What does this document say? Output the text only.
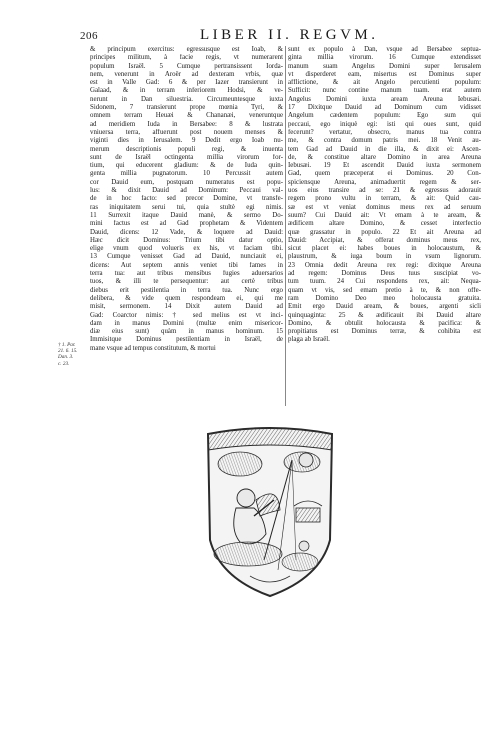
206	LIBER II. REGVM.
† 1. Par.
21. 6. 15.
Dan. 3.
c. 23.
& principum exercitus: egressusque est Ioab, &
principes militum, à facie regis, vt numerarent
populum Israël. 5 Cumque pertransissent Iorda-
nem, venerunt in Aroër ad dexteram vrbis, quæ
est in Valle Gad: 6 & per Iazer transierunt in
Galaad, & in terram inferiorem Hodsi, & ve-
nerunt in Dan siluestria. Circumeuntesque iuxta
Sidonem, 7 transierunt prope mœnia Tyri, &
omnem terram Heuæi & Chananæi, veneruntque
ad meridiem Iuda in Bersabee: 8 & lustrata
vniuersa terra, affuerunt post nouem menses &
viginti dies in Ierusalem. 9 Dedit ergo Ioab nu-
merum descriptionis populi regi, & inuenta
sunt de Israël octingenta millia virorum for-
tium, qui educerent gladium: & de Iuda quin-
genta millia pugnatorum. 10 Percussit autem
cor Dauid eum, postquam numeratus est popu-
lus: & dixit Dauid ad Dominum: Peccaui val-
de in hoc facto: sed precor Domine, vt transfe-
ras iniquitatem serui tui, quia stultè egi nimis.
11 Surrexit itaque Dauid manè, & sermo Do-
mini factus est ad Gad prophetam & Videntem
Dauid, dicens: 12 Vade, & loquere ad Dauid:
Hæc dicit Dominus: Trium tibi datur optio,
elige vnum quod volueris ex his, vt faciam tibi.
13 Cumque venisset Gad ad Dauid, nunciauit ei,
dicens: Aut septem annis veniet tibi fames in
terra tua: aut tribus mensibus fugies aduersarios
tuos, & illi te persequentur: aut certè tribus
diebus erit pestilentia in terra tua. Nunc ergo
delibera, & vide quem respondeam ei, qui me
misit, sermonem. 14 Dixit autem Dauid ad
Gad: Coarctor nimis: † sed melius est vt inci-
dam in manus Domini (multæ enim misericor-
diæ eius sunt) quàm in manus hominum. 15
Immisitque Dominus pestilentiam in Israël, de
mane vsque ad tempus constitutum, & mortui
sunt ex populo à Dan, vsque ad Bersabee septua-
ginta millia virorum. 16 Cumque extendisset
manum suam Angelus Domini super Ierusalem
vt disperderet eam, misertus est Dominus super
afflictione, & ait Angelo percutienti populum:
Sufficit: nunc contine manum tuam. erat autem
Angelus Domini iuxta aream Areuna Iebusæi.
17 Dixitque Dauid ad Dominum cum vidisset
Angelum cædentem populum: Ego sum qui
peccaui, ego iniquè egi: isti qui oues sunt, quid
fecerunt? vertatur, obsecro, manus tua contra
me, & contra domum patris mei. 18 Venit au-
tem Gad ad Dauid in die illa, & dixit ei: Ascen-
de, & constitue altare Domino in area Areuna
Iebusæi. 19 Et ascendit Dauid iuxta sermonem
Gad, quem præceperat ei Dominus. 20 Con-
spiciensque Areuna, animaduertit regem & ser-
uos eius transire ad se: 21 & egressus adorauit
regem prono vultu in terram, & ait: Quid cau-
sæ est vt veniat dominus meus rex ad seruum
suum? Cui Dauid ait: Vt emam à te aream, &
ædificem altare Domino, & cesset interfectio
quæ grassatur in populo. 22 Et ait Areuna ad
Dauid: Accipiat, & offerat dominus meus rex,
sicut placet ei: habes boues in holocaustum, &
plaustrum, & iuga boum in vsum lignorum.
23 Omnia dedit Areuna rex regi: dixitque Areuna
ad regem: Dominus Deus tuus suscipiat vo-
tum tuum. 24 Cui respondens rex, ait: Nequa-
quam vt vis, sed emam pretio à te, & non offe-
ram Domino Deo meo holocausta gratuita.
Emit ergo Dauid aream, & boues, argenti sicli
quinquaginta: 25 & ædificauit ibi Dauid altare
Domino, & obtulit holocausta & pacifica: &
propitiatus est Dominus terræ, & cohibita est
plaga ab Israël.
